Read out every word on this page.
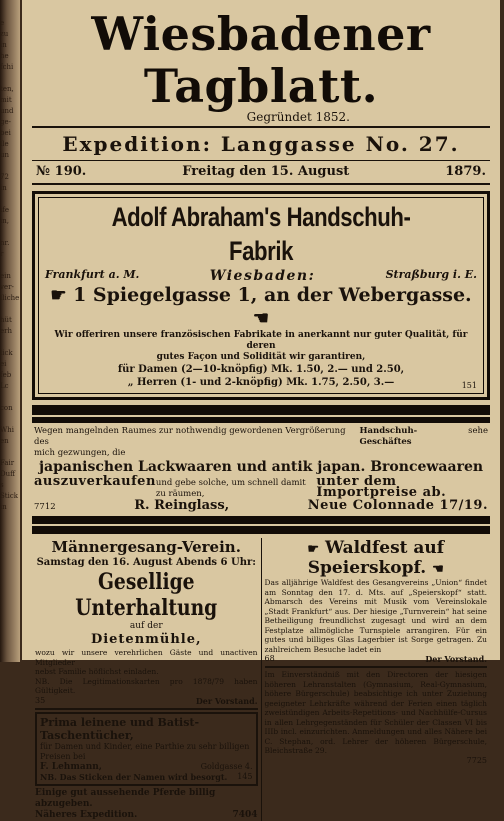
e
zu
in
he
fchi

ten,
mit
und
ge-
bei
lle
un

72
in

ife
in,

nr.
r

ein
ver-
lliche

hüt
erh

lick
ei
feb
Lc

con

Whi
en

Fair
Duff
s
Stick
in
Wiesbadener Tagblatt.
Gegründet 1852.
Expedition: Langgasse No. 27.
№ 190.	Freitag den 15. August	1879.
Adolf Abraham's Handschuh-Fabrik
Frankfurt a. M.	Wiesbaden:	Straßburg i. E.
☛ 1 Spiegelgasse 1, an der Webergasse. ☚
Wir offeriren unsere französischen Fabrikate in anerkannt nur guter Qualität, für deren
gutes Façon und Solidität wir garantiren,
für Damen (2—10-knöpfig) Mk. 1.50, 2.— und 2.50,
„ Herren (1- und 2-knöpfig) Mk. 1.75, 2.50, 3.—	151
Wegen mangelnden Raumes zur nothwendig gewordenen Vergrößerung des
Handschuh-Geschäftes
sehe
mich gezwungen, die
japanischen Lackwaaren und antik japan. Broncewaaren
auszuverkaufen und gebe solche, um schnell damit zu räumen,
unter dem Importpreise ab.
7712	R. Reinglass,	Neue Colonnade 17/19.
Männergesang-Verein.
Samstag den 16. August Abends 6 Uhr:
Gesellige Unterhaltung
auf der
Dietenmühle,
wozu wir unsere verehrlichen Gäste und unactiven Mitglieder
nebst Familie höflichst einladen.
NB. Die Legitimationskarten pro 1878/79 haben Gültigkeit.
35	Der Vorstand.
Prima leinene und Batist-Taschentücher,
für Damen und Kinder, eine Parthie zu sehr billigen Preisen bei
F. Lehmann,	Goldgasse 4.
NB. Das Sticken der Namen wird besorgt. 145
Einige gut aussehende Pferde billig abzugeben.
Näheres Expedition.	7404
☛ Waldfest auf Speierskopf. ☚
Das alljährige Waldfest des Gesangvereins „Union“ findet am Sonntag den 17. d. Mts. auf „Speierskopf“ statt. Abmarsch des Vereins mit Musik vom Vereinslokale „Stadt Frankfurt“ aus. Der hiesige „Turnverein“ hat seine Betheiligung freundlichst zugesagt und wird an dem Festplatze allmögliche Turnspiele arrangiren. Für ein gutes und billiges Glas Lagerbier ist Sorge getragen. Zu zahlreichem Besuche ladet ein
68	Der Vorstand.
Im Einverständniß mit den Directoren der hiesigen höheren Lehranstalten (Gymnasium, Real-Gymnasium, höhere Bürgerschule) beabsichtige ich unter Zuziehung geeigneter Lehrkräfte während der Ferien einen täglich zweistündigen Arbeits-Repetitions- und Nachhülfe-Cursus in allen Lehrgegenständen für Schüler der Classen VI bis IIIb incl. einzurichten. Anmeldungen und alles Nähere bei C. Stephan, ord. Lehrer der höheren Bürgerschule, Bleichstraße 29.
7725
